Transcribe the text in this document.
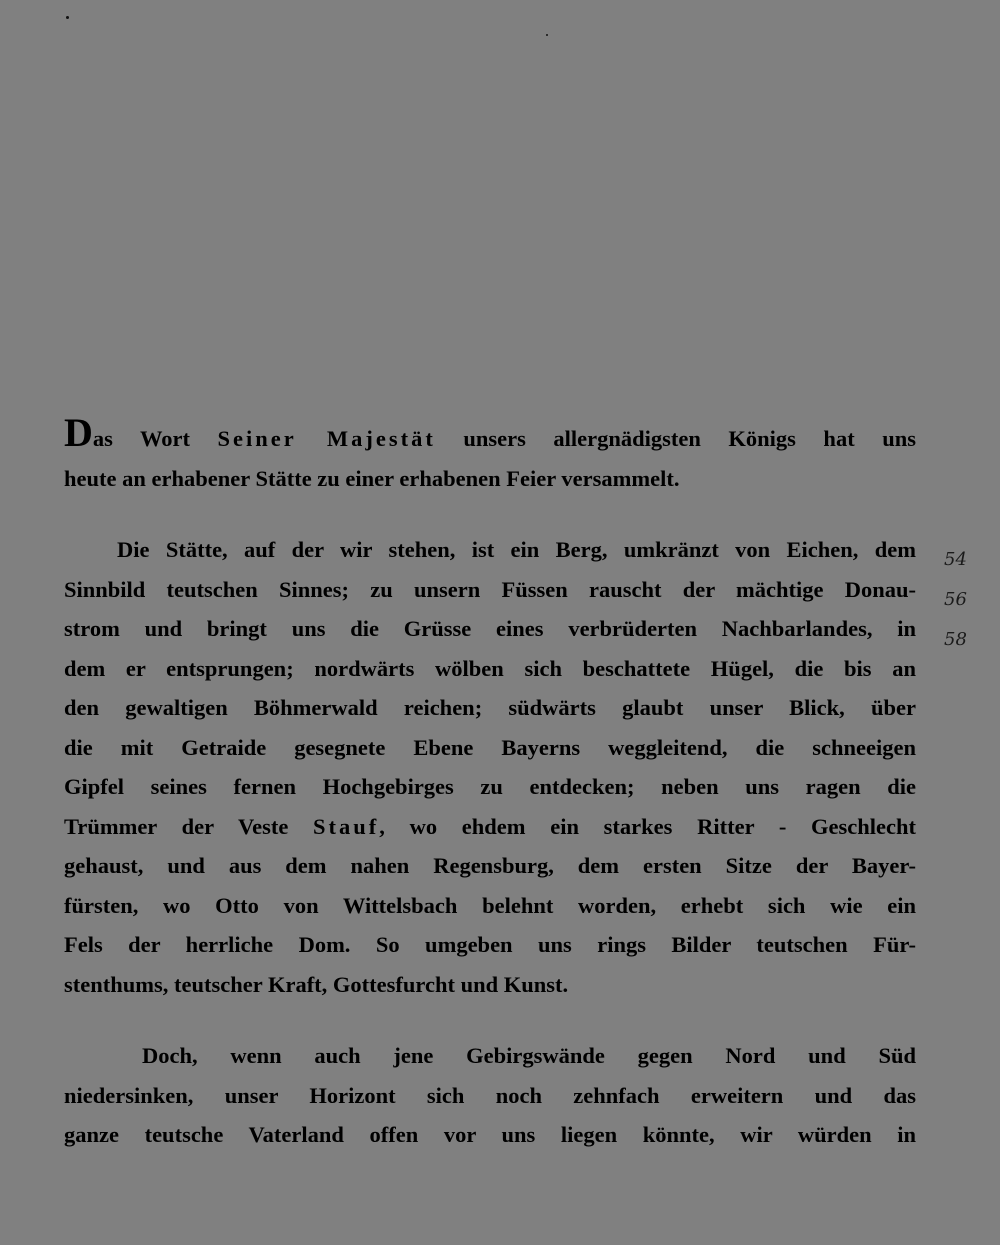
Das Wort Seiner Majestät unsers allergnädigsten Königs hat uns
heute an erhabener Stätte zu einer erhabenen Feier versammelt.

Die Stätte, auf der wir stehen, ist ein Berg, umkränzt von Eichen, dem
Sinnbild teutschen Sinnes; zu unsern Füssen rauscht der mächtige Donau-
strom und bringt uns die Grüsse eines verbrüderten Nachbarlandes, in
dem er entsprungen; nordwärts wölben sich beschattete Hügel, die bis an
den gewaltigen Böhmerwald reichen; südwärts glaubt unser Blick, über
die mit Getraide gesegnete Ebene Bayerns weggleitend, die schneeigen
Gipfel seines fernen Hochgebirges zu entdecken; neben uns ragen die
Trümmer der Veste Stauf, wo ehdem ein starkes Ritter - Geschlecht
gehaust, und aus dem nahen Regensburg, dem ersten Sitze der Bayer-
fürsten, wo Otto von Wittelsbach belehnt worden, erhebt sich wie ein
Fels der herrliche Dom. So umgeben uns rings Bilder teutschen Für-
stenthums, teutscher Kraft, Gottesfurcht und Kunst.

Doch, wenn auch jene Gebirgswände gegen Nord und Süd
niedersinken, unser Horizont sich noch zehnfach erweitern und das
ganze teutsche Vaterland offen vor uns liegen könnte, wir würden in

54
56
58
